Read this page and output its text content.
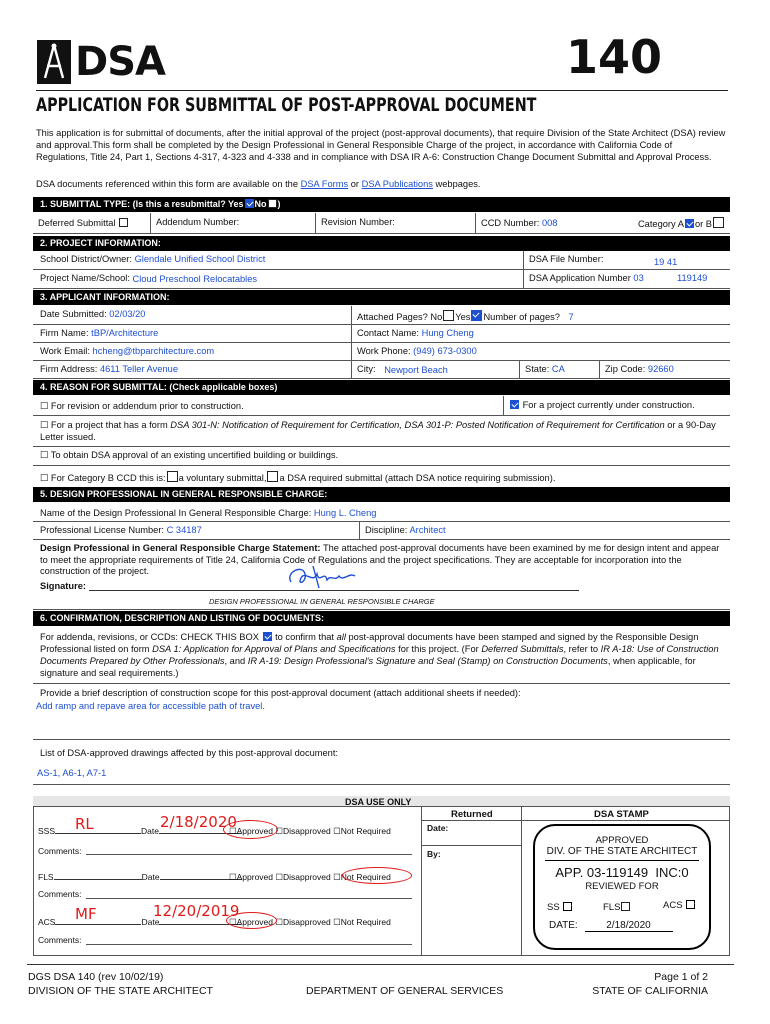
DSA	140
APPLICATION FOR SUBMITTAL OF POST-APPROVAL DOCUMENT
This application is for submittal of documents, after the initial approval of the project (post-approval documents), that require Division of the State Architect (DSA) review and approval.This form shall be completed by the Design Professional in General Responsible Charge of the project, in accordance with California Code of Regulations, Title 24, Part 1, Sections 4-317, 4-323 and 4-338 and in compliance with DSA IR A-6: Construction Change Document Submittal and Approval Process.
DSA documents referenced within this form are available on the DSA Forms or DSA Publications webpages.
1. SUBMITTAL TYPE: (Is this a resubmittal? Yes No )
Deferred Submittal	Addendum Number:	Revision Number:	CCD Number: 008	Category A or B
2. PROJECT INFORMATION:
School District/Owner: Glendale Unified School District	DSA File Number:	19 41
Project Name/School: Cloud Preschool Relocatables	DSA Application Number 03	119149
3. APPLICANT INFORMATION:
Date Submitted: 02/03/20	Attached Pages? No Yes Number of pages? 7
Firm Name: tBP/Architecture	Contact Name: Hung Cheng
Work Email: hcheng@tbparchitecture.com	Work Phone: (949) 673-0300
Firm Address: 4611 Teller Avenue	City: Newport Beach	State: CA	Zip Code: 92660
4. REASON FOR SUBMITTAL: (Check applicable boxes)
☐ For revision or addendum prior to construction.	For a project currently under construction.
☐ For a project that has a form DSA 301-N: Notification of Requirement for Certification, DSA 301-P: Posted Notification of Requirement for Certification or a 90-Day Letter issued.
☐ To obtain DSA approval of an existing uncertified building or buildings.
☐ For Category B CCD this is: a voluntary submittal, a DSA required submittal (attach DSA notice requiring submission).
5. DESIGN PROFESSIONAL IN GENERAL RESPONSIBLE CHARGE:
Name of the Design Professional In General Responsible Charge: Hung L. Cheng
Professional License Number: C 34187	Discipline: Architect
Design Professional in General Responsible Charge Statement: The attached post-approval documents have been examined by me for design intent and appear to meet the appropriate requirements of Title 24, California Code of Regulations and the project specifications. They are acceptable for incorporation into the construction of the project.
Signature:
DESIGN PROFESSIONAL IN GENERAL RESPONSIBLE CHARGE
6. CONFIRMATION, DESCRIPTION AND LISTING OF DOCUMENTS:
For addenda, revisions, or CCDs: CHECK THIS BOX  to confirm that all post-approval documents have been stamped and signed by the Responsible Design Professional listed on form DSA 1: Application for Approval of Plans and Specifications for this project. (For Deferred Submittals, refer to IR A-18: Use of Construction Documents Prepared by Other Professionals, and IR A-19: Design Professional's Signature and Seal (Stamp) on Construction Documents, when applicable, for signature and seal requirements.)
Provide a brief description of construction scope for this post-approval document (attach additional sheets if needed):
Add ramp and repave area for accessible path of travel.
List of DSA-approved drawings affected by this post-approval document:
AS-1, A6-1, A7-1
DSA USE ONLY
Returned	DSA STAMP
Date:
By:
SSS	Date
RL	2/18/2020
☐Approved ☐Disapproved ☐Not Required
Comments:
FLS	Date	☐Approved ☐Disapproved ☐Not Required
Comments:
ACS	Date
MF	12/20/2019
☐Approved ☐Disapproved ☐Not Required
Comments:
APPROVED
DIV. OF THE STATE ARCHITECT
APP. 03-119149 INC:0
REVIEWED FOR
SS	FLS	ACS
DATE:	2/18/2020
DGS DSA 140 (rev 10/02/19)
DIVISION OF THE STATE ARCHITECT	DEPARTMENT OF GENERAL SERVICES
Page 1 of 2
STATE OF CALIFORNIA
